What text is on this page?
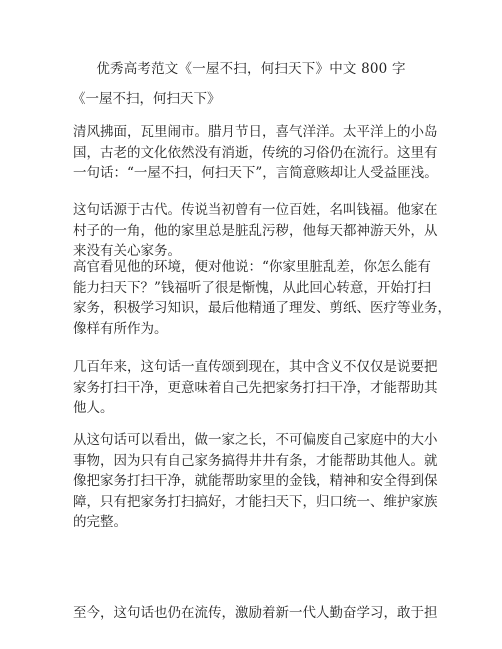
优秀高考范文《一屋不扫，何扫天下》中文 800 字
《一屋不扫，何扫天下》
清风拂面，瓦里闹市。腊月节日，喜气洋洋。太平洋上的小岛
国，古老的文化依然没有消逝，传统的习俗仍在流行。这里有
一句话：“一屋不扫，何扫天下”，言简意赅却让人受益匪浅。
这句话源于古代。传说当初曾有一位百姓，名叫钱福。他家在
村子的一角，他的家里总是脏乱污秽，他每天都神游天外，从
来没有关心家务。
高官看见他的环境，便对他说：“你家里脏乱差，你怎么能有
能力扫天下？”钱福听了很是惭愧，从此回心转意，开始打扫
家务，积极学习知识，最后他精通了理发、剪纸、医疗等业务，
像样有所作为。
几百年来，这句话一直传颂到现在，其中含义不仅仅是说要把
家务打扫干净，更意味着自己先把家务打扫干净，才能帮助其
他人。
从这句话可以看出，做一家之长，不可偏废自己家庭中的大小
事物，因为只有自己家务搞得井井有条，才能帮助其他人。就
像把家务打扫干净，就能帮助家里的金钱，精神和安全得到保
障，只有把家务打扫搞好，才能扫天下，归口统一、维护家族
的完整。
至今，这句话也仍在流传，激励着新一代人勤奋学习，敢于担
